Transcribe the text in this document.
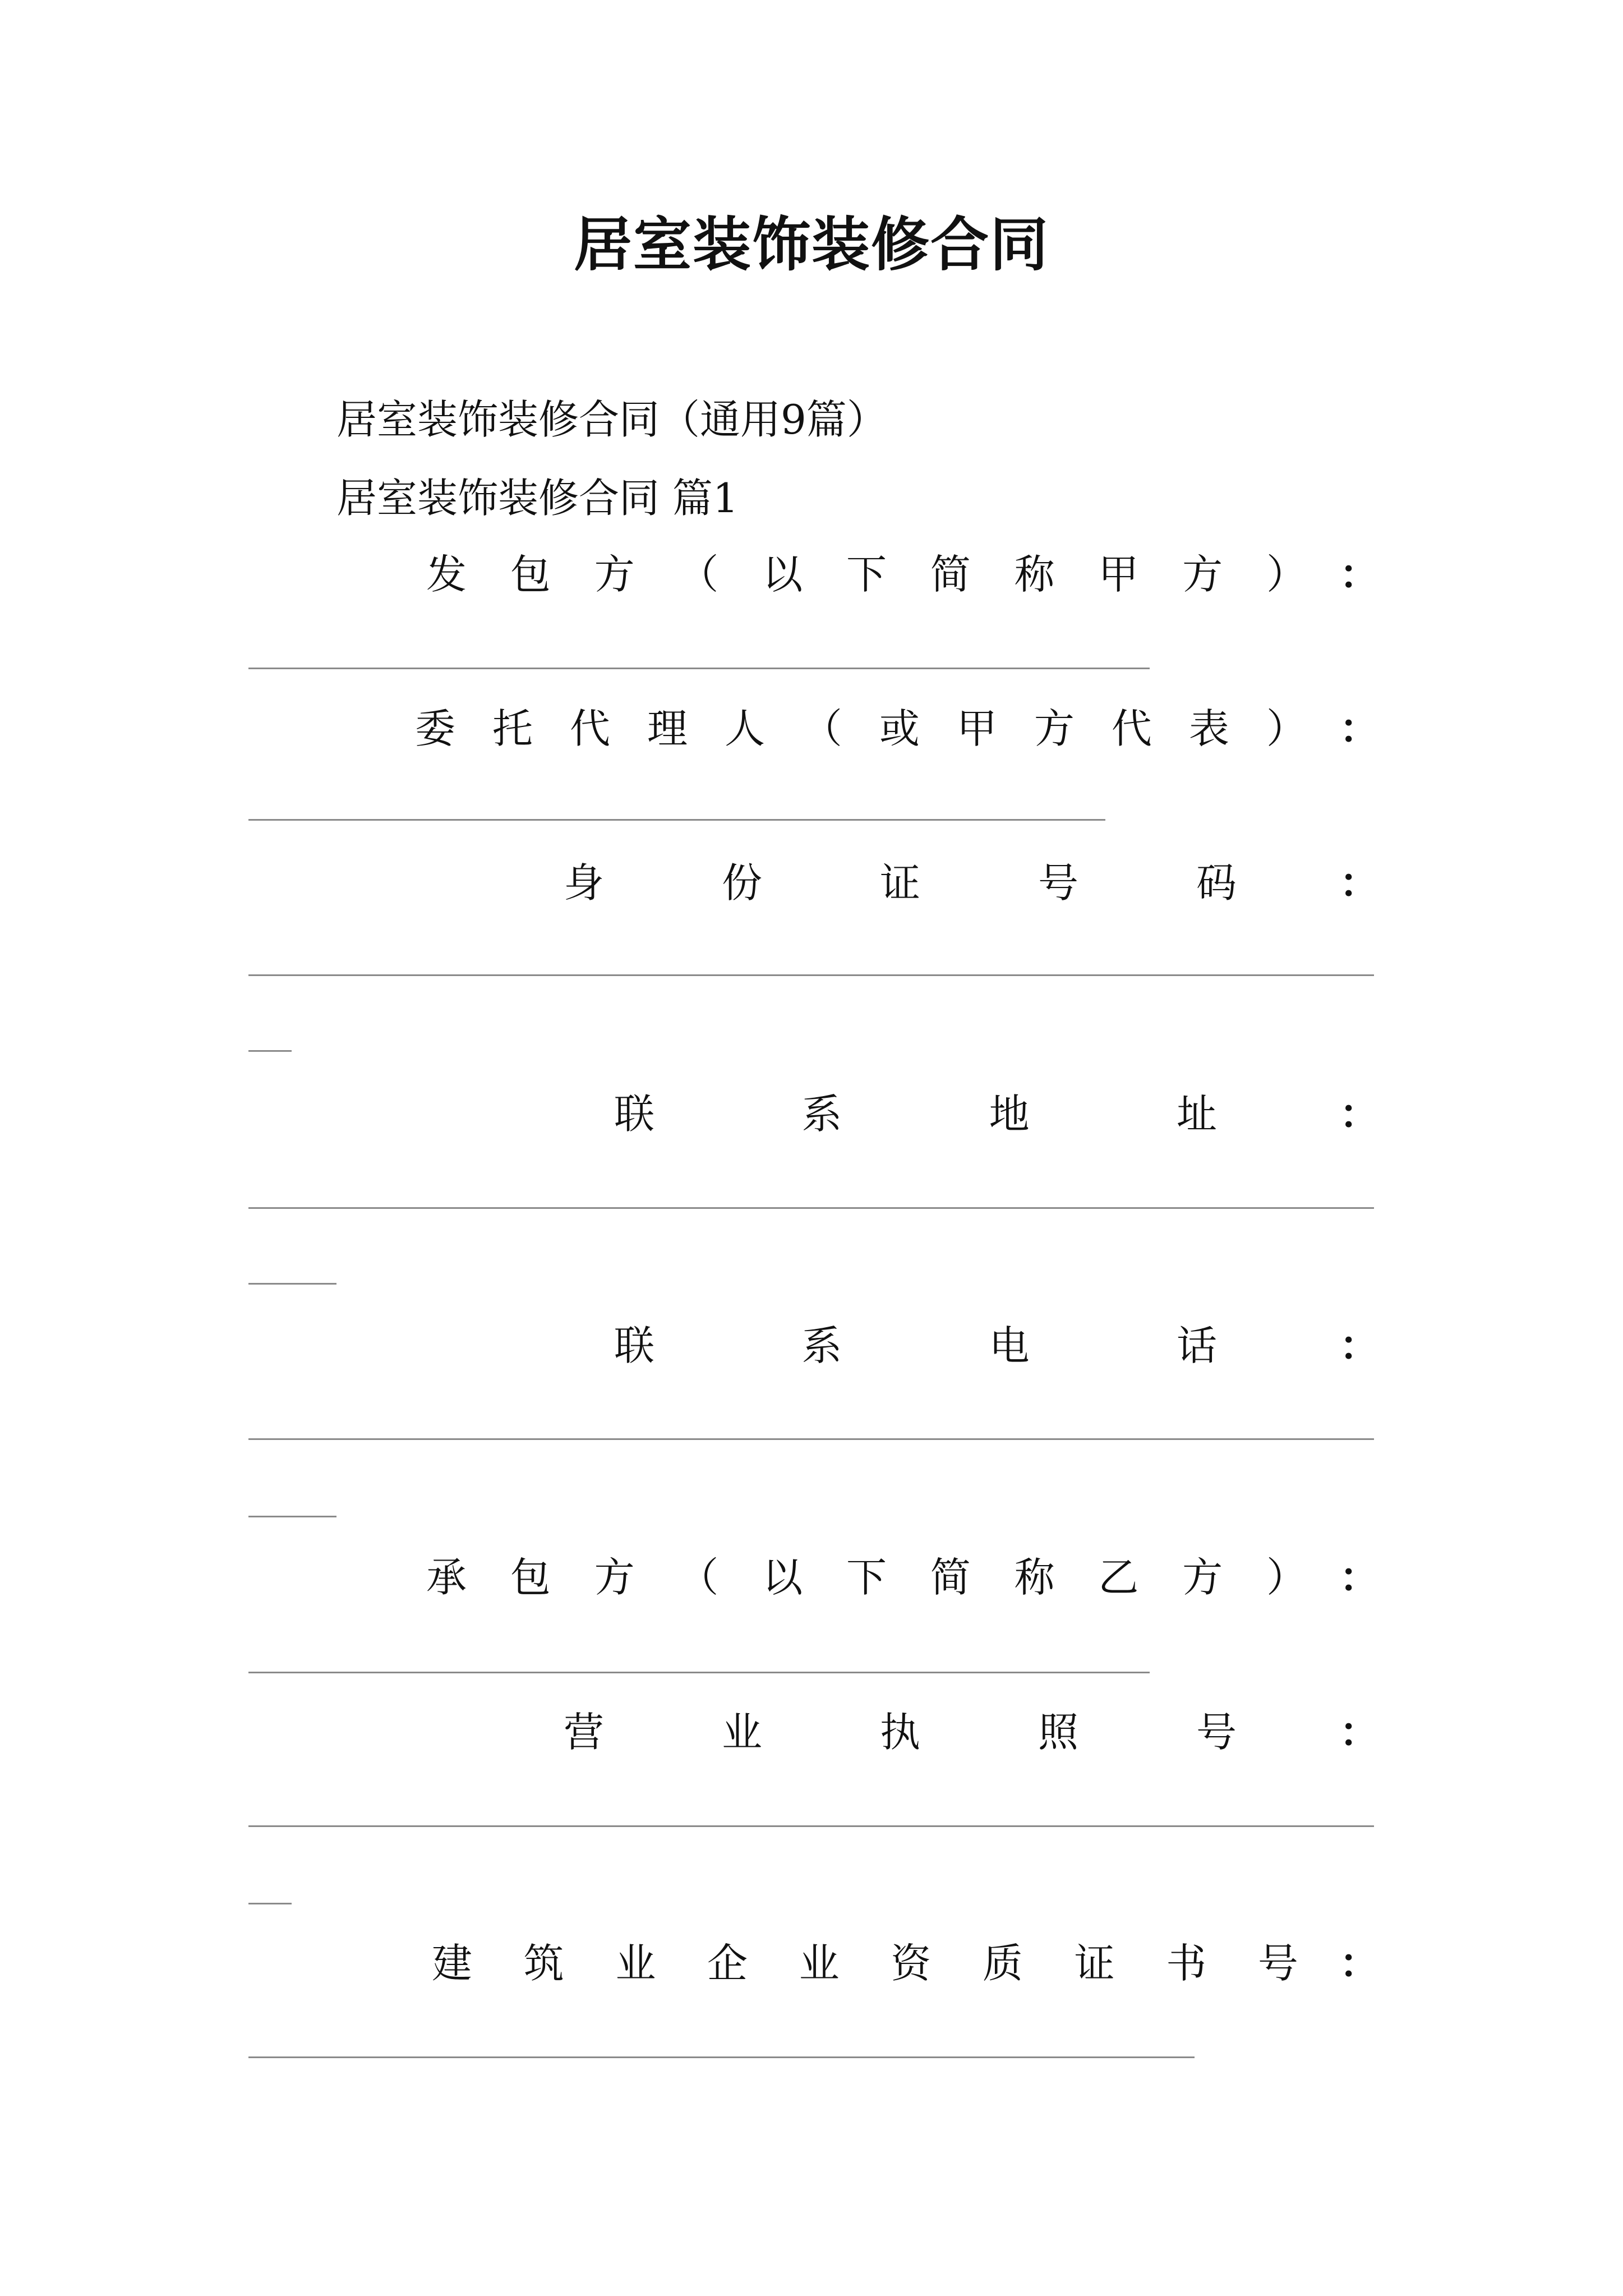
居室装饰装修合同

居室装饰装修合同（通用9篇）

居室装饰装修合同 篇1

发 包 方 （ 以 下 简 称 甲 方 ） ：
委 托 代 理 人 （ 或 甲 方 代 表 ） ：
身	份	证	号	码	：
联	系	地	址	：
联	系	电	话	：
承 包 方 （ 以 下 简 称 乙 方 ） ：
营	业	执	照	号	：
建 筑 业 企 业 资 质 证 书 号 ：
